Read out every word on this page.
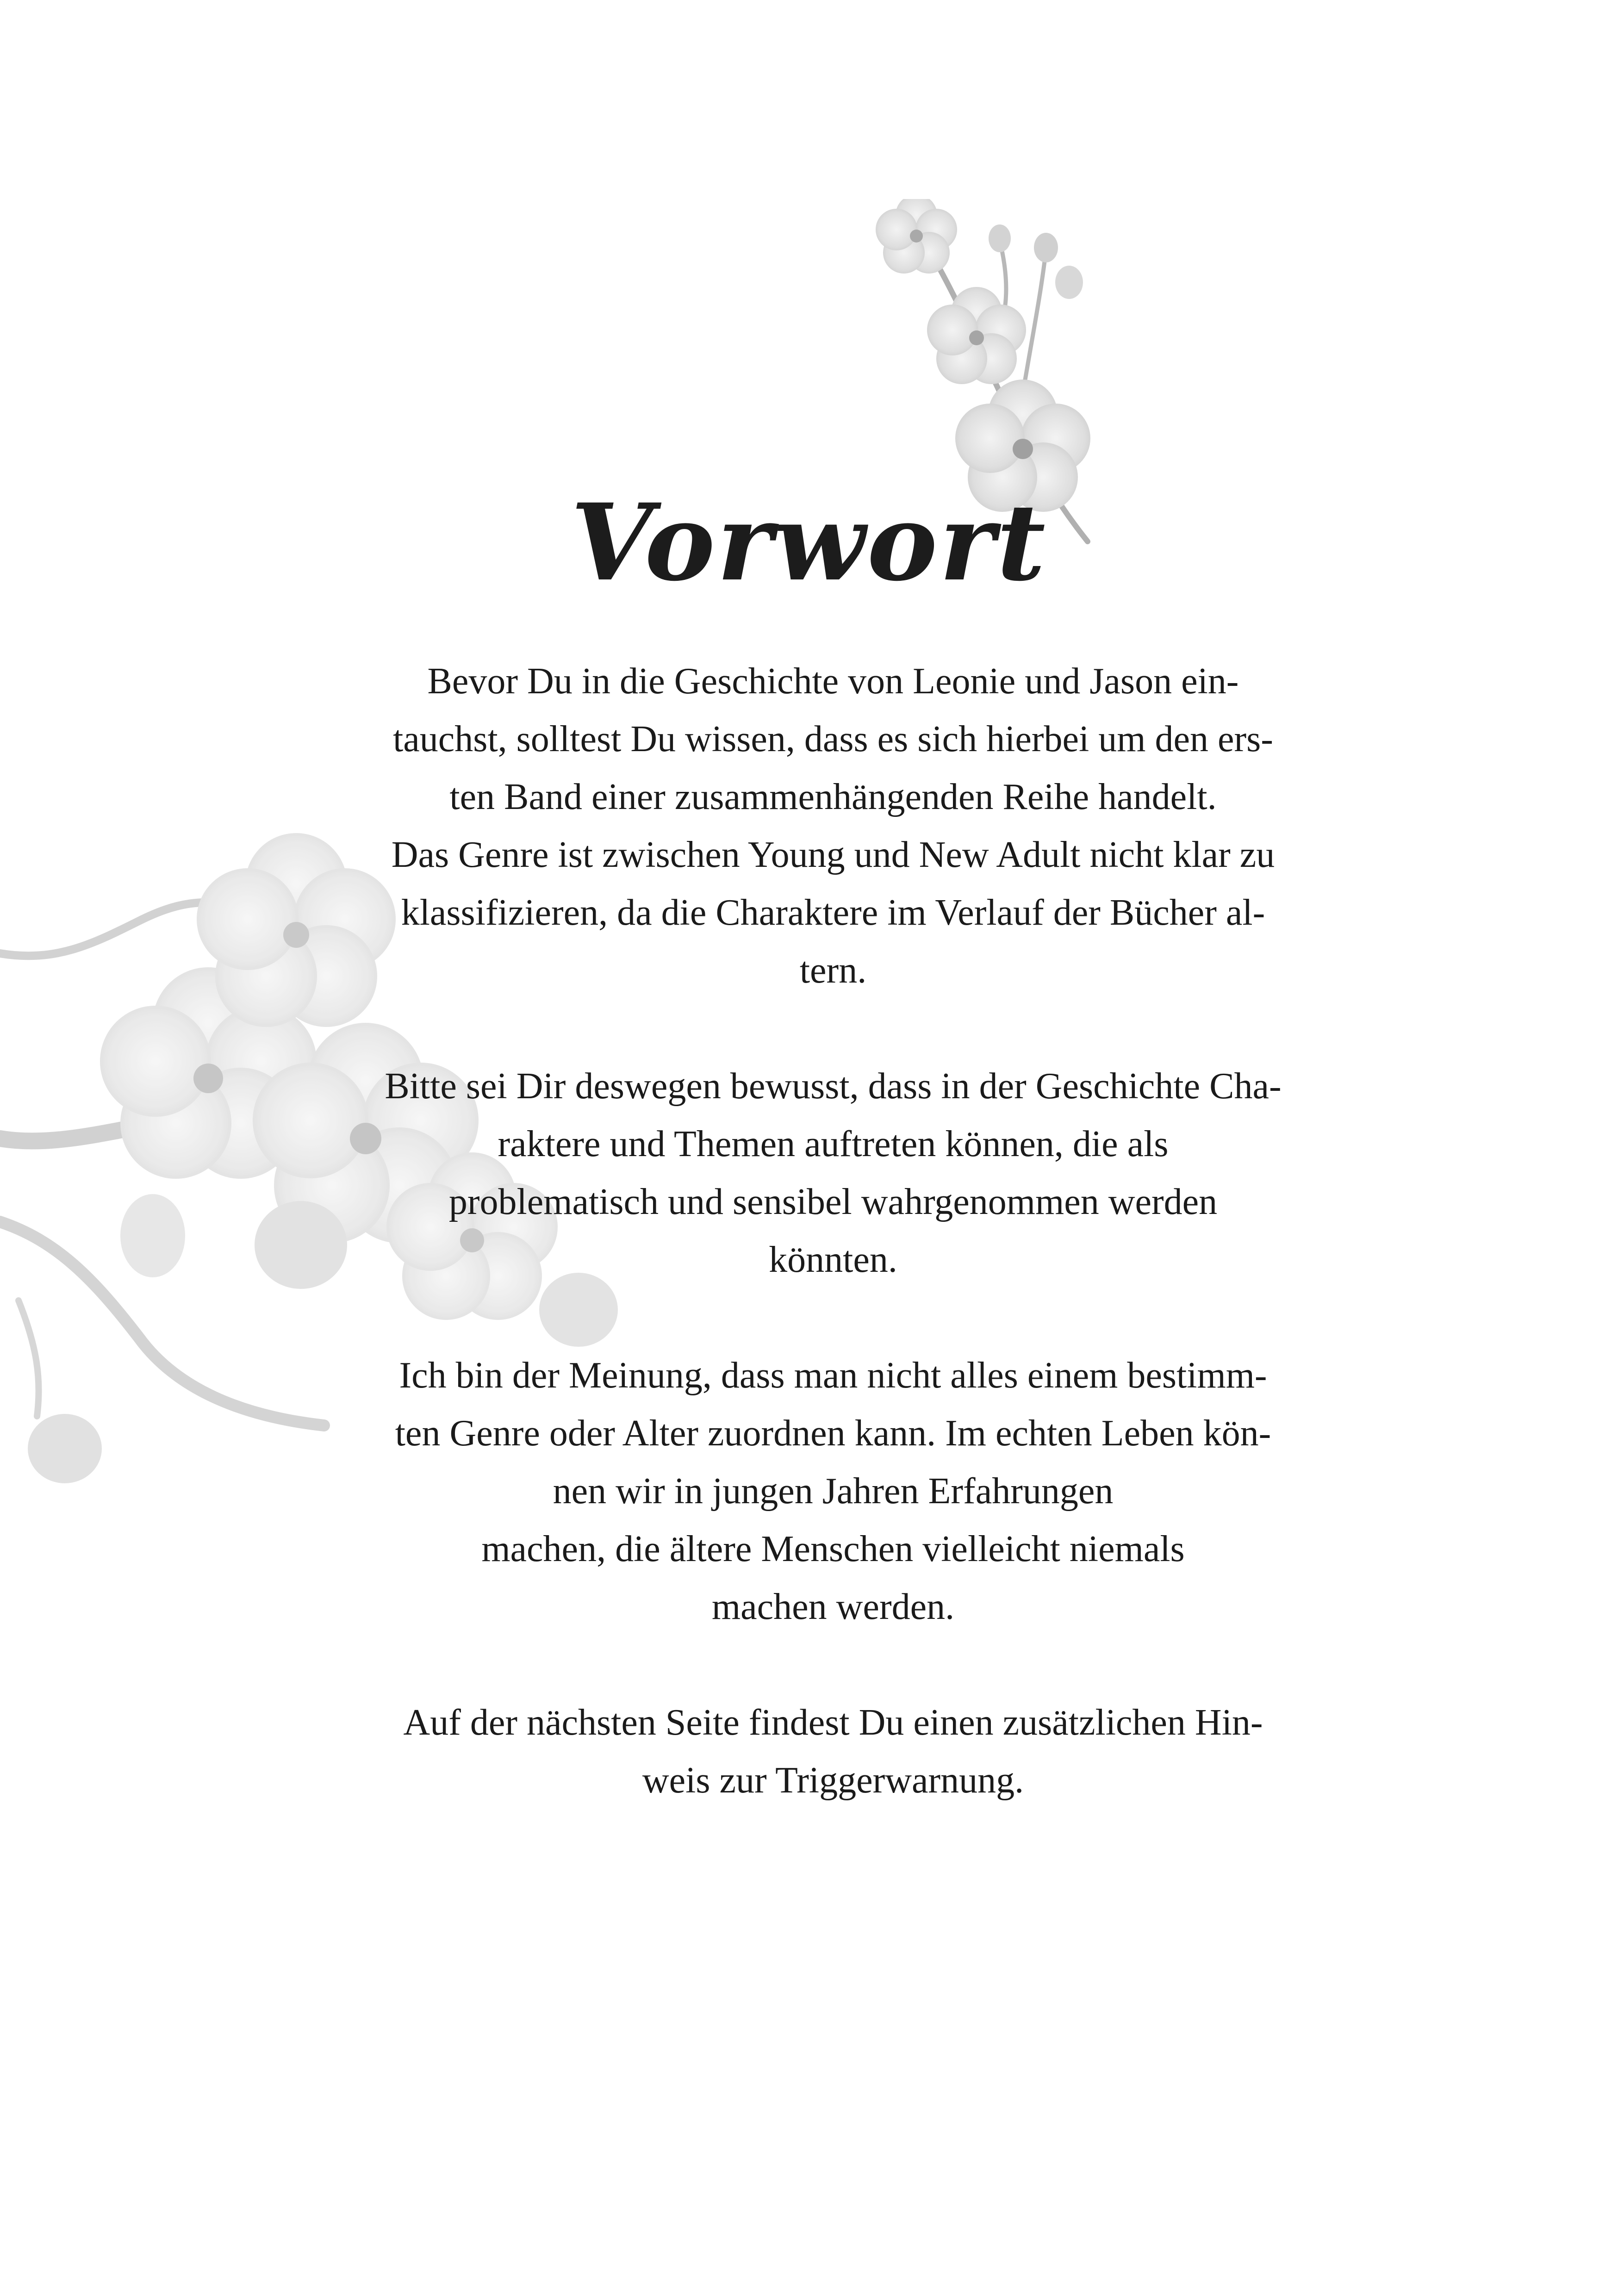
Vorwort

Bevor Du in die Geschichte von Leonie und Jason ein-
tauchst, solltest Du wissen, dass es sich hierbei um den ers-
ten Band einer zusammenhängenden Reihe handelt.
Das Genre ist zwischen Young und New Adult nicht klar zu
klassifizieren, da die Charaktere im Verlauf der Bücher al-
tern.

Bitte sei Dir deswegen bewusst, dass in der Geschichte Cha-
raktere und Themen auftreten können, die als
problematisch und sensibel wahrgenommen werden
könnten.

Ich bin der Meinung, dass man nicht alles einem bestimm-
ten Genre oder Alter zuordnen kann. Im echten Leben kön-
nen wir in jungen Jahren Erfahrungen
machen, die ältere Menschen vielleicht niemals
machen werden.

Auf der nächsten Seite findest Du einen zusätzlichen Hin-
weis zur Triggerwarnung.
